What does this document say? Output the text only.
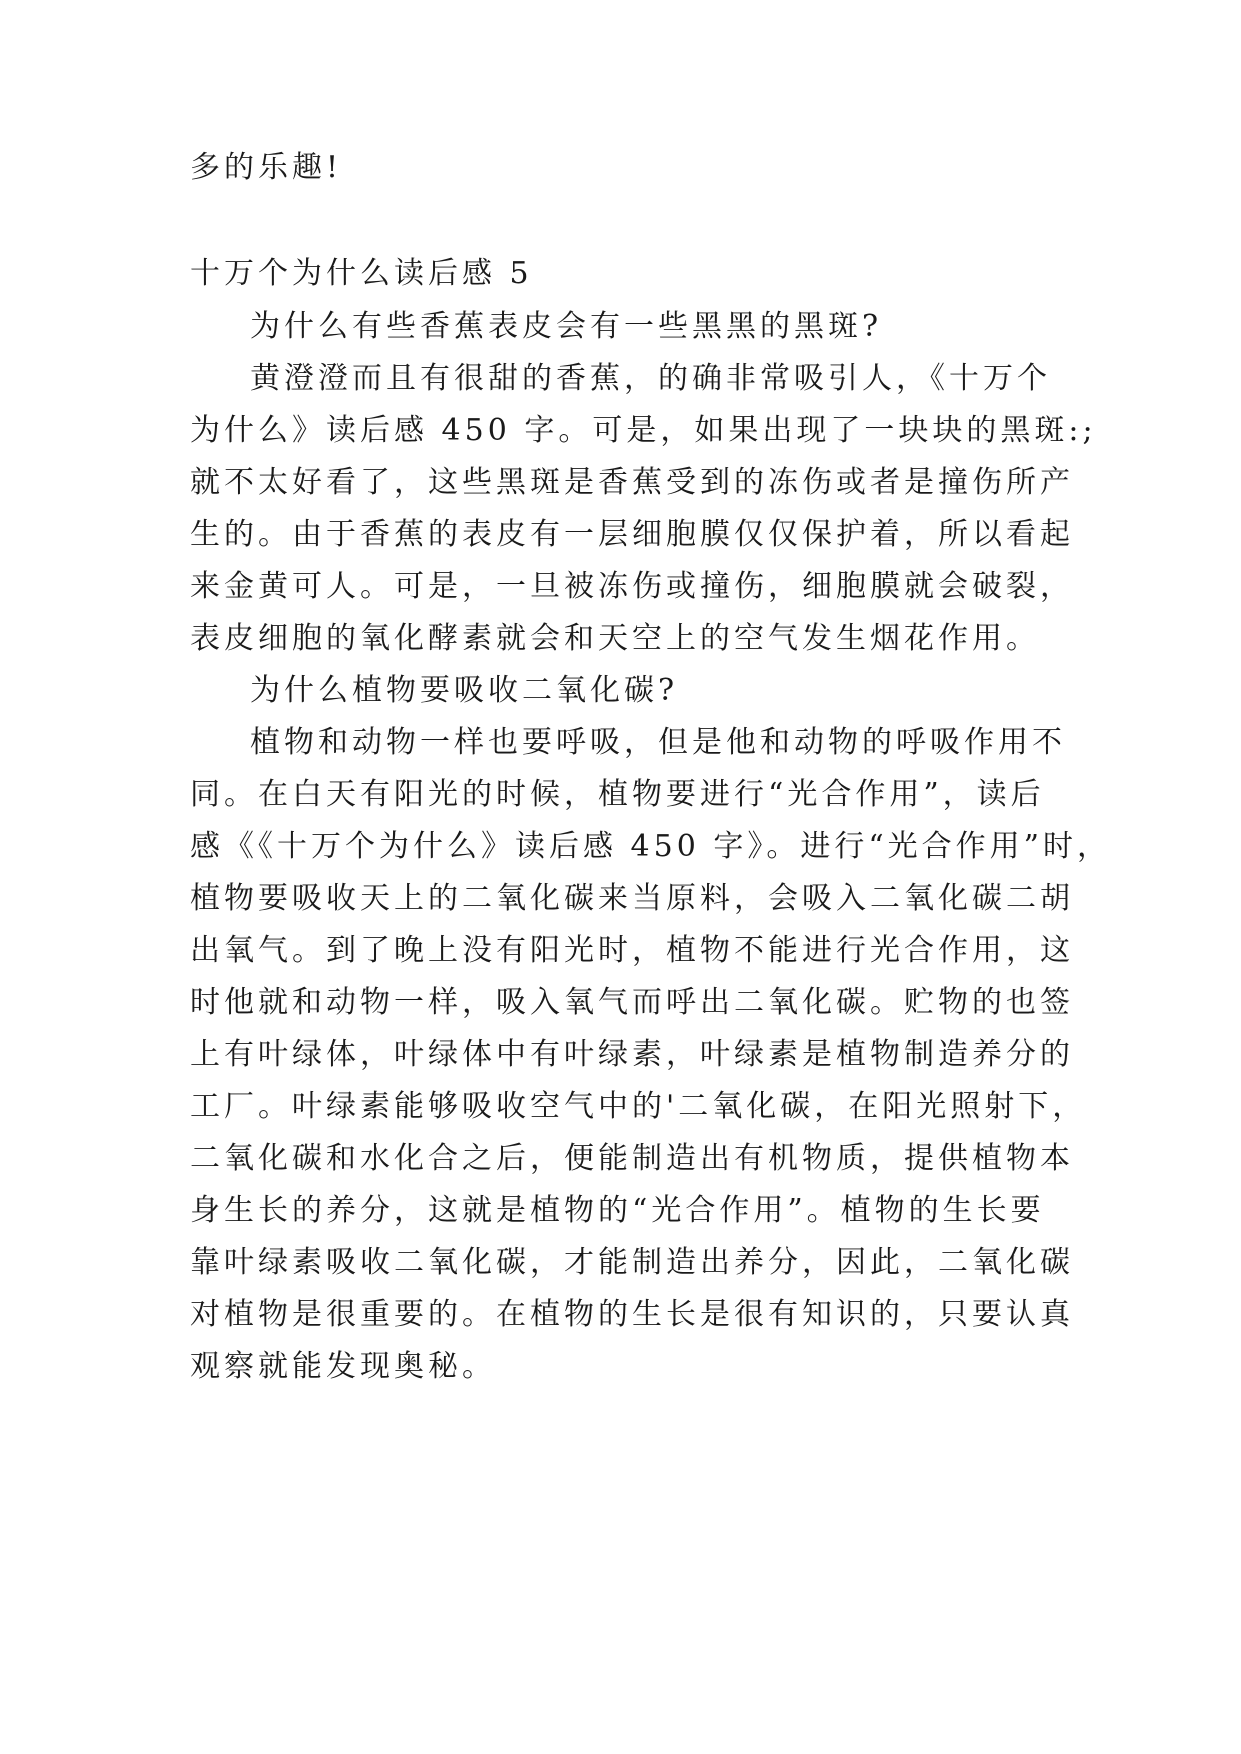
多的乐趣!

十万个为什么读后感 5

为什么有些香蕉表皮会有一些黑黑的黑斑?

黄澄澄而且有很甜的香蕉，的确非常吸引人，《十万个

为什么》读后感 450 字。可是，如果出现了一块块的黑斑:;

就不太好看了，这些黑斑是香蕉受到的冻伤或者是撞伤所产

生的。由于香蕉的表皮有一层细胞膜仅仅保护着，所以看起

来金黄可人。可是，一旦被冻伤或撞伤，细胞膜就会破裂，

表皮细胞的氧化酵素就会和天空上的空气发生烟花作用。

为什么植物要吸收二氧化碳?

植物和动物一样也要呼吸，但是他和动物的呼吸作用不

同。在白天有阳光的时候，植物要进行“光合作用”，读后

感《《十万个为什么》读后感 450 字》。进行“光合作用”时，

植物要吸收天上的二氧化碳来当原料，会吸入二氧化碳二胡

出氧气。到了晚上没有阳光时，植物不能进行光合作用，这

时他就和动物一样，吸入氧气而呼出二氧化碳。贮物的也签

上有叶绿体，叶绿体中有叶绿素，叶绿素是植物制造养分的

工厂。叶绿素能够吸收空气中的'二氧化碳，在阳光照射下，

二氧化碳和水化合之后，便能制造出有机物质，提供植物本

身生长的养分，这就是植物的“光合作用”。植物的生长要

靠叶绿素吸收二氧化碳，才能制造出养分，因此，二氧化碳

对植物是很重要的。在植物的生长是很有知识的，只要认真

观察就能发现奥秘。
